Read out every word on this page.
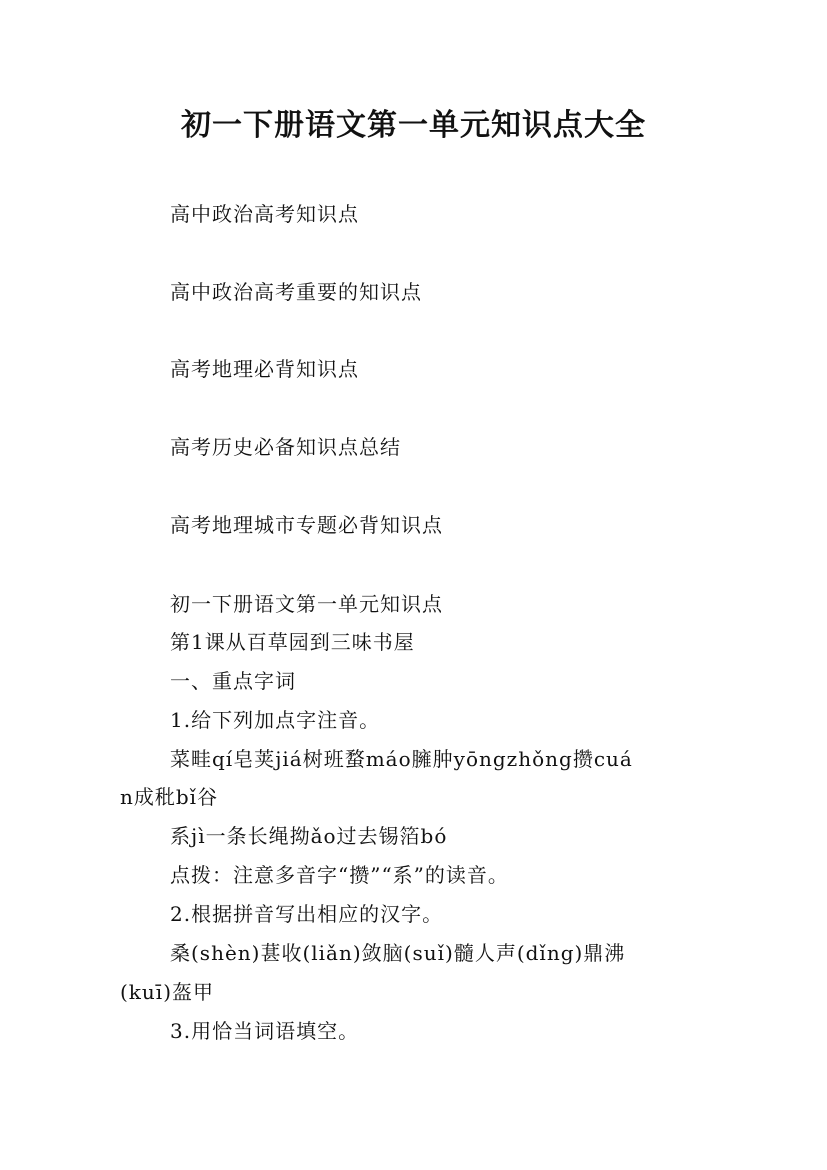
初一下册语文第一单元知识点大全
高中政治高考知识点
高中政治高考重要的知识点
高考地理必背知识点
高考历史必备知识点总结
高考地理城市专题必背知识点
初一下册语文第一单元知识点
第1课从百草园到三味书屋
一、重点字词
1.给下列加点字注音。
菜畦qí皂荚jiá树班蝥máo臃肿yōngzhǒng攒cuá
n成秕bǐ谷
系jì一条长绳拗ǎo过去锡箔bó
点拨：注意多音字“攒”“系”的读音。
2.根据拼音写出相应的汉字。
桑(shèn)葚收(liǎn)敛脑(suǐ)髓人声(dǐng)鼎沸
(kuī)盔甲
3.用恰当词语填空。
